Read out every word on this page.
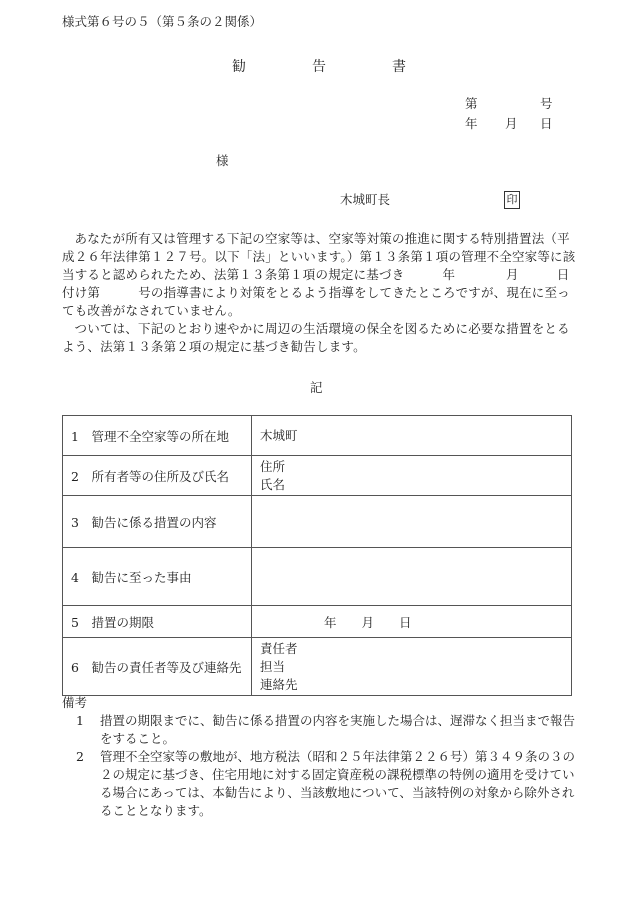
様式第６号の５（第５条の２関係）
勧	告	書
第	号
年 月 日
様
木城町長	印

あなたが所有又は管理する下記の空家等は、空家等対策の推進に関する特別措置法（平成２６年法律第１２７号。以下「法」といいます。）第１３条第１項の管理不全空家等に該当すると認められたため、法第１３条第１項の規定に基づき　　　年　　　　月　　　日付け第　　　号の指導書により対策をとるよう指導をしてきたところですが、現在に至っても改善がなされていません。

ついては、下記のとおり速やかに周辺の生活環境の保全を図るために必要な措置をとるよう、法第１３条第２項の規定に基づき勧告します。

記
1　管理不全空家等の所在地	木城町

2　所有者等の住所及び氏名	住所
氏名

3　勧告に係る措置の内容	
4　勧告に至った事由	
5　措置の期限	年　　月　　日
6　勧告の責任者等及び連絡先	責任者
担当
連絡先
備考
1	措置の期限までに、勧告に係る措置の内容を実施した場合は、遅滞なく担当まで報告をすること。
2	管理不全空家等の敷地が、地方税法（昭和２５年法律第２２６号）第３４９条の３の２の規定に基づき、住宅用地に対する固定資産税の課税標準の特例の適用を受けている場合にあっては、本勧告により、当該敷地について、当該特例の対象から除外されることとなります。
